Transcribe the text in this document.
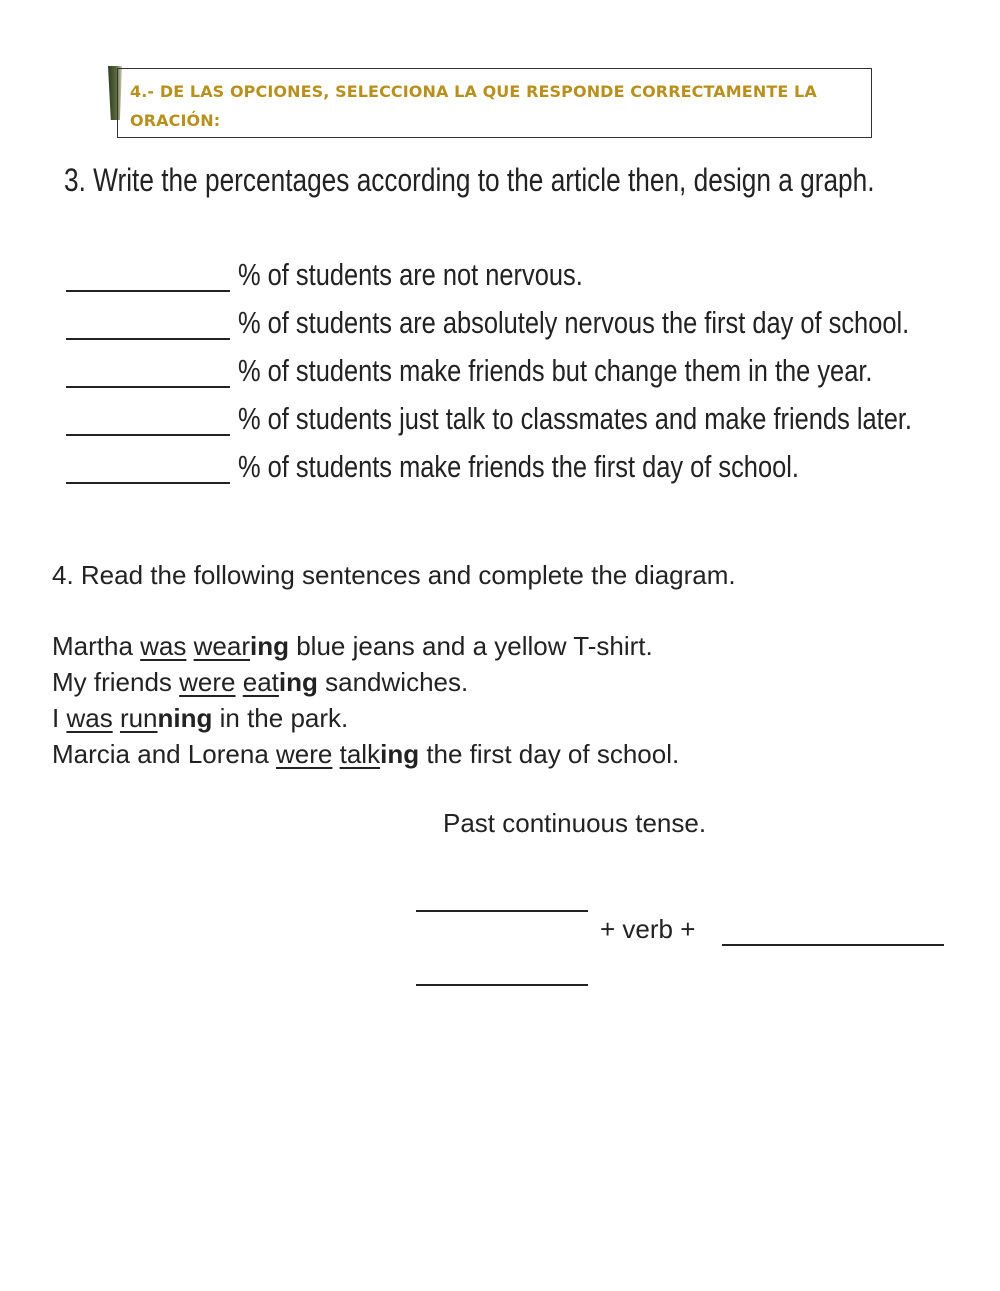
4.- DE LAS OPCIONES, SELECCIONA LA QUE RESPONDE CORRECTAMENTE LA ORACIÓN:
3. Write the percentages according to the article then, design a graph.
% of students are not nervous.
% of students are absolutely nervous the first day of school.
% of students make friends but change them in the year.
% of students just talk to classmates and make friends later.
% of students make friends the first day of school.
4. Read the following sentences and complete the diagram.
Martha was wearing blue jeans and a yellow T-shirt.
My friends were eating sandwiches.
I was running in the park.
Marcia and Lorena were talking the first day of school.
Past continuous tense.
+ verb +
